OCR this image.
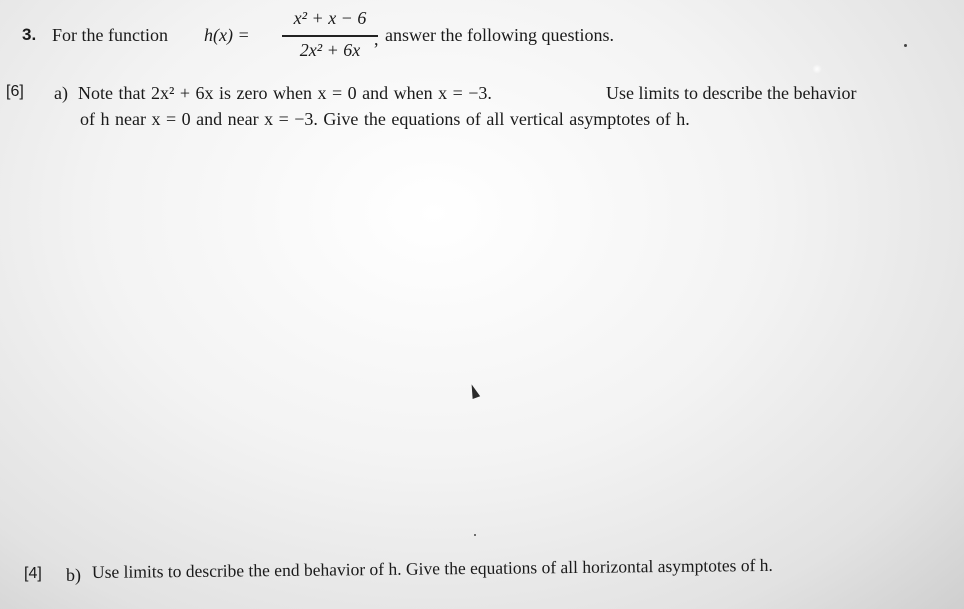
3. For the function h(x) =
x² + x − 6
2x² + 6x
, answer the following questions.
[6] a) Note that 2x² + 6x is zero when x = 0 and when x = −3.	Use limits to describe the behavior
of h near x = 0 and near x = −3. Give the equations of all vertical asymptotes of h.
[4] b) Use limits to describe the end behavior of h. Give the equations of all horizontal asymptotes of h.
